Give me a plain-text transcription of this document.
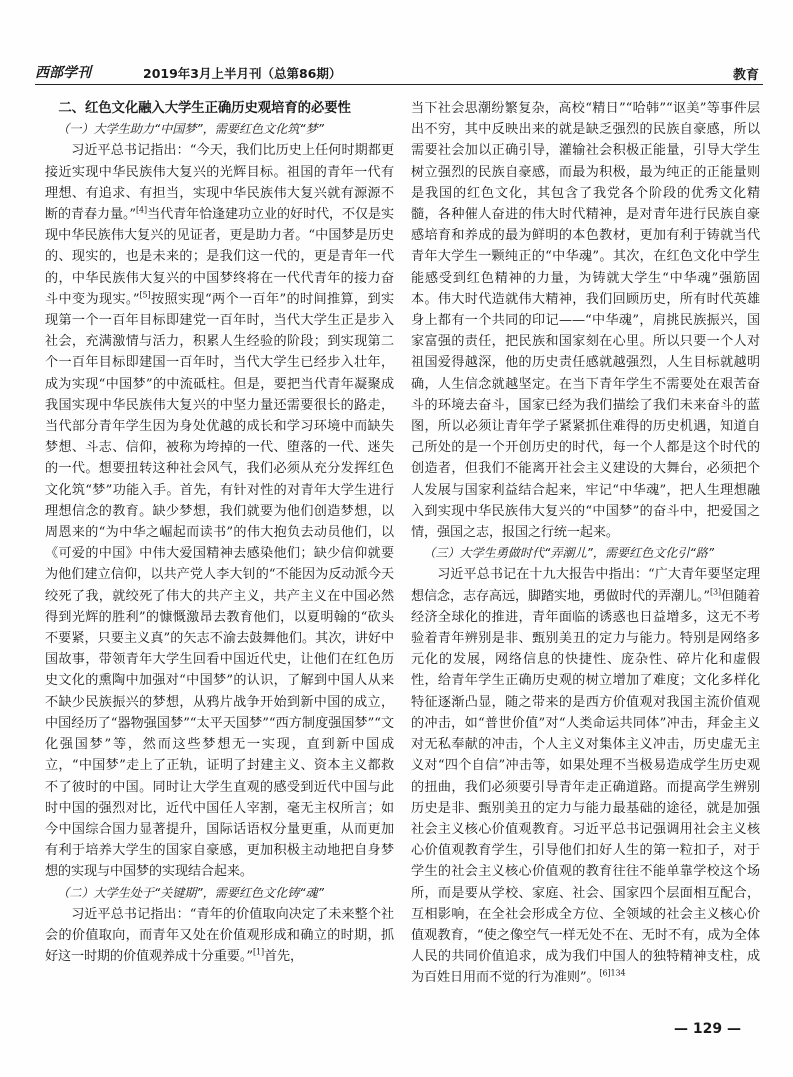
西部学刊	2019年3月上半月刊（总第86期）	教育
二、红色文化融入大学生正确历史观培育的必要性
（一）大学生助力“中国梦”，需要红色文化筑“梦”

习近平总书记指出：“今天，我们比历史上任何时期都更接近实现中华民族伟大复兴的光辉目标。祖国的青年一代有理想、有追求、有担当，实现中华民族伟大复兴就有源源不断的青春力量。”[4]当代青年恰逢建功立业的好时代，不仅是实现中华民族伟大复兴的见证者，更是助力者。“中国梦是历史的、现实的，也是未来的；是我们这一代的，更是青年一代的，中华民族伟大复兴的中国梦终将在一代代青年的接力奋斗中变为现实。”[5]按照实现“两个一百年”的时间推算，到实现第一个一百年目标即建党一百年时，当代大学生正是步入社会，充满激情与活力，积累人生经验的阶段；到实现第二个一百年目标即建国一百年时，当代大学生已经步入壮年，成为实现“中国梦”的中流砥柱。但是，要把当代青年凝聚成我国实现中华民族伟大复兴的中坚力量还需要很长的路走，当代部分青年学生因为身处优越的成长和学习环境中而缺失梦想、斗志、信仰，被称为垮掉的一代、堕落的一代、迷失的一代。想要扭转这种社会风气，我们必须从充分发挥红色文化筑“梦”功能入手。首先，有针对性的对青年大学生进行理想信念的教育。缺少梦想，我们就要为他们创造梦想，以周恩来的“为中华之崛起而读书”的伟大抱负去动员他们，以《可爱的中国》中伟大爱国精神去感染他们；缺少信仰就要为他们建立信仰，以共产党人李大钊的“不能因为反动派今天绞死了我，就绞死了伟大的共产主义，共产主义在中国必然得到光辉的胜利”的慷慨激昂去教育他们，以夏明翰的“砍头不要紧，只要主义真”的矢志不渝去鼓舞他们。其次，讲好中国故事，带领青年大学生回看中国近代史，让他们在红色历史文化的熏陶中加强对“中国梦”的认识，了解到中国人从来不缺少民族振兴的梦想，从鸦片战争开始到新中国的成立，中国经历了“器物强国梦”“太平天国梦”“西方制度强国梦”“文化强国梦”等，然而这些梦想无一实现，直到新中国成立，“中国梦”走上了正轨，证明了封建主义、资本主义都救不了彼时的中国。同时让大学生直观的感受到近代中国与此时中国的强烈对比，近代中国任人宰割，毫无主权所言；如今中国综合国力显著提升，国际话语权分量更重，从而更加有利于培养大学生的国家自豪感，更加积极主动地把自身梦想的实现与中国梦的实现结合起来。

（二）大学生处于“关键期”，需要红色文化铸“魂”

习近平总书记指出：“青年的价值取向决定了未来整个社会的价值取向，而青年又处在价值观形成和确立的时期，抓好这一时期的价值观养成十分重要。”[1]首先，

当下社会思潮纷繁复杂，高校“精日”“哈韩”“讴美”等事件层出不穷，其中反映出来的就是缺乏强烈的民族自豪感，所以需要社会加以正确引导，灌输社会积极正能量，引导大学生树立强烈的民族自豪感，而最为积极，最为纯正的正能量则是我国的红色文化，其包含了我党各个阶段的优秀文化精髓，各种催人奋进的伟大时代精神，是对青年进行民族自豪感培育和养成的最为鲜明的本色教材，更加有利于铸就当代青年大学生一颗纯正的“中华魂”。其次，在红色文化中学生能感受到红色精神的力量，为铸就大学生“中华魂”强筋固本。伟大时代造就伟大精神，我们回顾历史，所有时代英雄身上都有一个共同的印记——“中华魂”，肩挑民族振兴，国家富强的责任，把民族和国家刻在心里。所以只要一个人对祖国爱得越深，他的历史责任感就越强烈，人生目标就越明确，人生信念就越坚定。在当下青年学生不需要处在艰苦奋斗的环境去奋斗，国家已经为我们描绘了我们未来奋斗的蓝图，所以必须让青年学子紧紧抓住难得的历史机遇，知道自己所处的是一个开创历史的时代，每一个人都是这个时代的创造者，但我们不能离开社会主义建设的大舞台，必须把个人发展与国家利益结合起来，牢记“中华魂”，把人生理想融入到实现中华民族伟大复兴的“中国梦”的奋斗中，把爱国之情，强国之志，报国之行统一起来。

（三）大学生勇做时代“弄潮儿”，需要红色文化引“路”

习近平总书记在十九大报告中指出：“广大青年要坚定理想信念，志存高远，脚踏实地，勇做时代的弄潮儿。”[3]但随着经济全球化的推进，青年面临的诱惑也日益增多，这无不考验着青年辨别是非、甄别美丑的定力与能力。特别是网络多元化的发展，网络信息的快捷性、庞杂性、碎片化和虚假性，给青年学生正确历史观的树立增加了难度；文化多样化特征逐渐凸显，随之带来的是西方价值观对我国主流价值观的冲击，如“普世价值”对“人类命运共同体”冲击，拜金主义对无私奉献的冲击，个人主义对集体主义冲击，历史虚无主义对“四个自信”冲击等，如果处理不当极易造成学生历史观的扭曲，我们必须要引导青年走正确道路。而提高学生辨别历史是非、甄别美丑的定力与能力最基础的途径，就是加强社会主义核心价值观教育。习近平总书记强调用社会主义核心价值观教育学生，引导他们扣好人生的第一粒扣子，对于学生的社会主义核心价值观的教育往往不能单靠学校这个场所，而是要从学校、家庭、社会、国家四个层面相互配合，互相影响，在全社会形成全方位、全领域的社会主义核心价值观教育，“使之像空气一样无处不在、无时不有，成为全体人民的共同价值追求，成为我们中国人的独特精神支柱，成为百姓日用而不觉的行为准则”。$^{[6]134}$

— 129 —
